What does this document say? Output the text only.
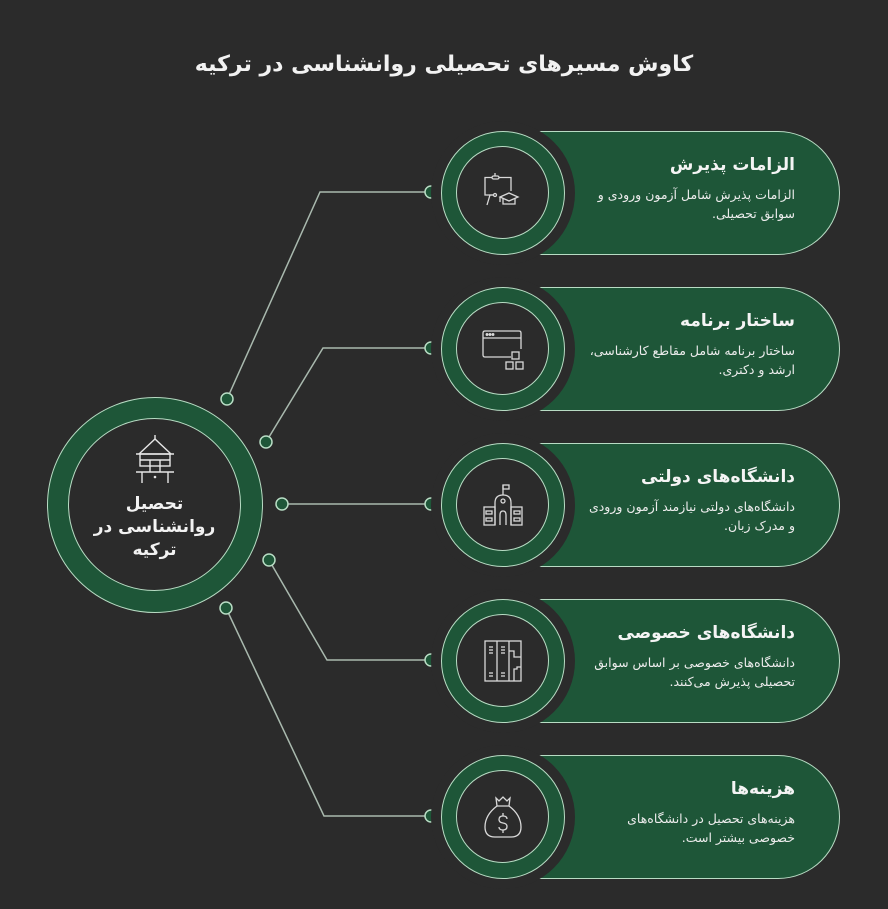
کاوش مسیرهای تحصیلی روانشناسی در ترکیه
تحصیل روانشناسی در ترکیه
الزامات پذیرش
الزامات پذیرش شامل آزمون ورودی و سوابق تحصیلی.
ساختار برنامه
ساختار برنامه شامل مقاطع کارشناسی، ارشد و دکتری.
دانشگاه‌های دولتی
دانشگاه‌های دولتی نیازمند آزمون ورودی و مدرک زبان.
دانشگاه‌های خصوصی
دانشگاه‌های خصوصی بر اساس سوابق تحصیلی پذیرش می‌کنند.
هزینه‌ها
هزینه‌های تحصیل در دانشگاه‌های خصوصی بیشتر است.
